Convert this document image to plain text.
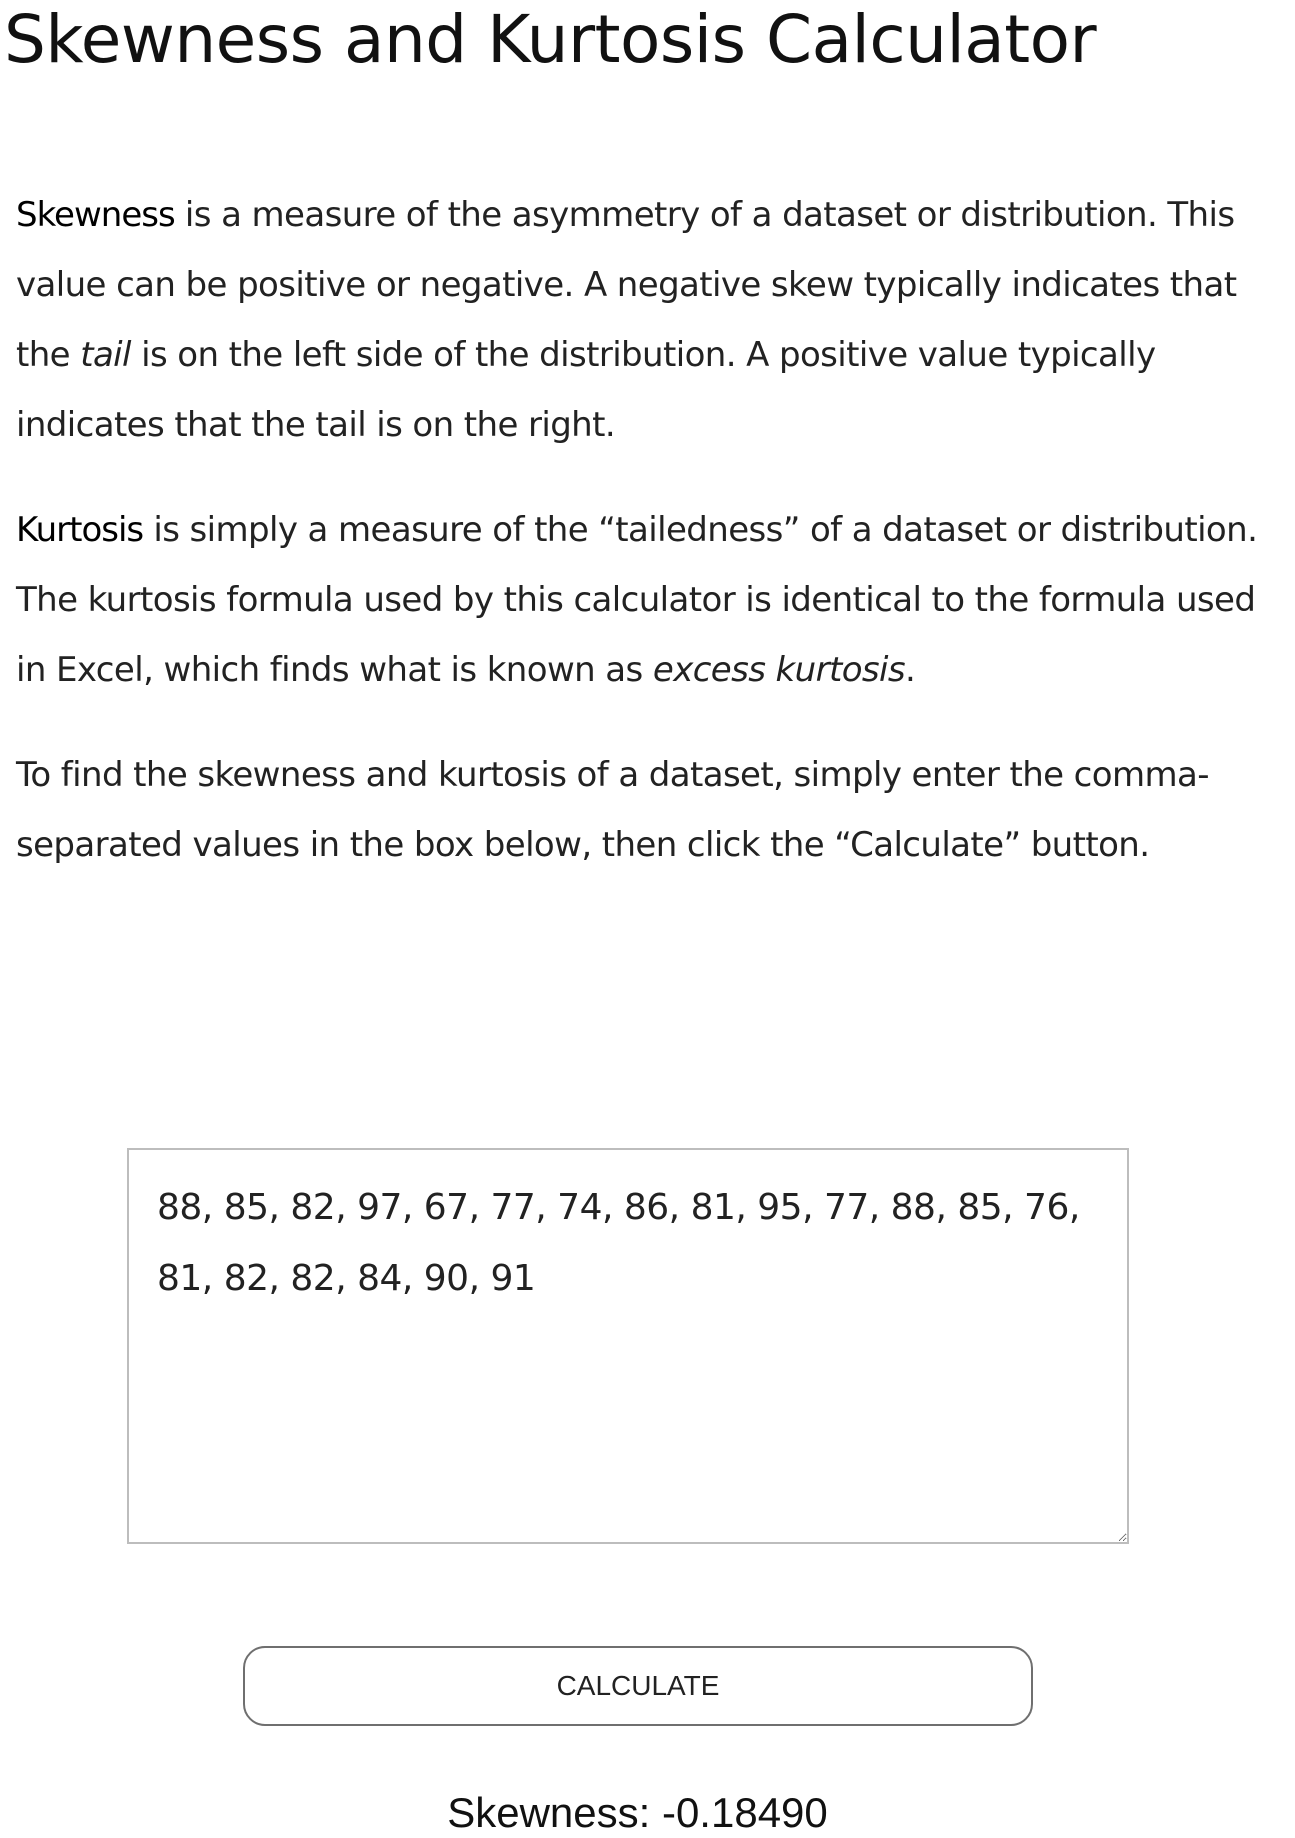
Skewness and Kurtosis Calculator

Skewness is a measure of the asymmetry of a dataset or distribution. This value can be positive or negative. A negative skew typically indicates that the tail is on the left side of the distribution. A positive value typically indicates that the tail is on the right.

Kurtosis is simply a measure of the “tailedness” of a dataset or distribution. The kurtosis formula used by this calculator is identical to the formula used in Excel, which finds what is known as excess kurtosis.

To find the skewness and kurtosis of a dataset, simply enter the comma-separated values in the box below, then click the “Calculate” button.

88, 85, 82, 97, 67, 77, 74, 86, 81, 95, 77, 88, 85, 76, 81, 82, 82, 84, 90, 91
CALCULATE
Skewness: -0.18490
